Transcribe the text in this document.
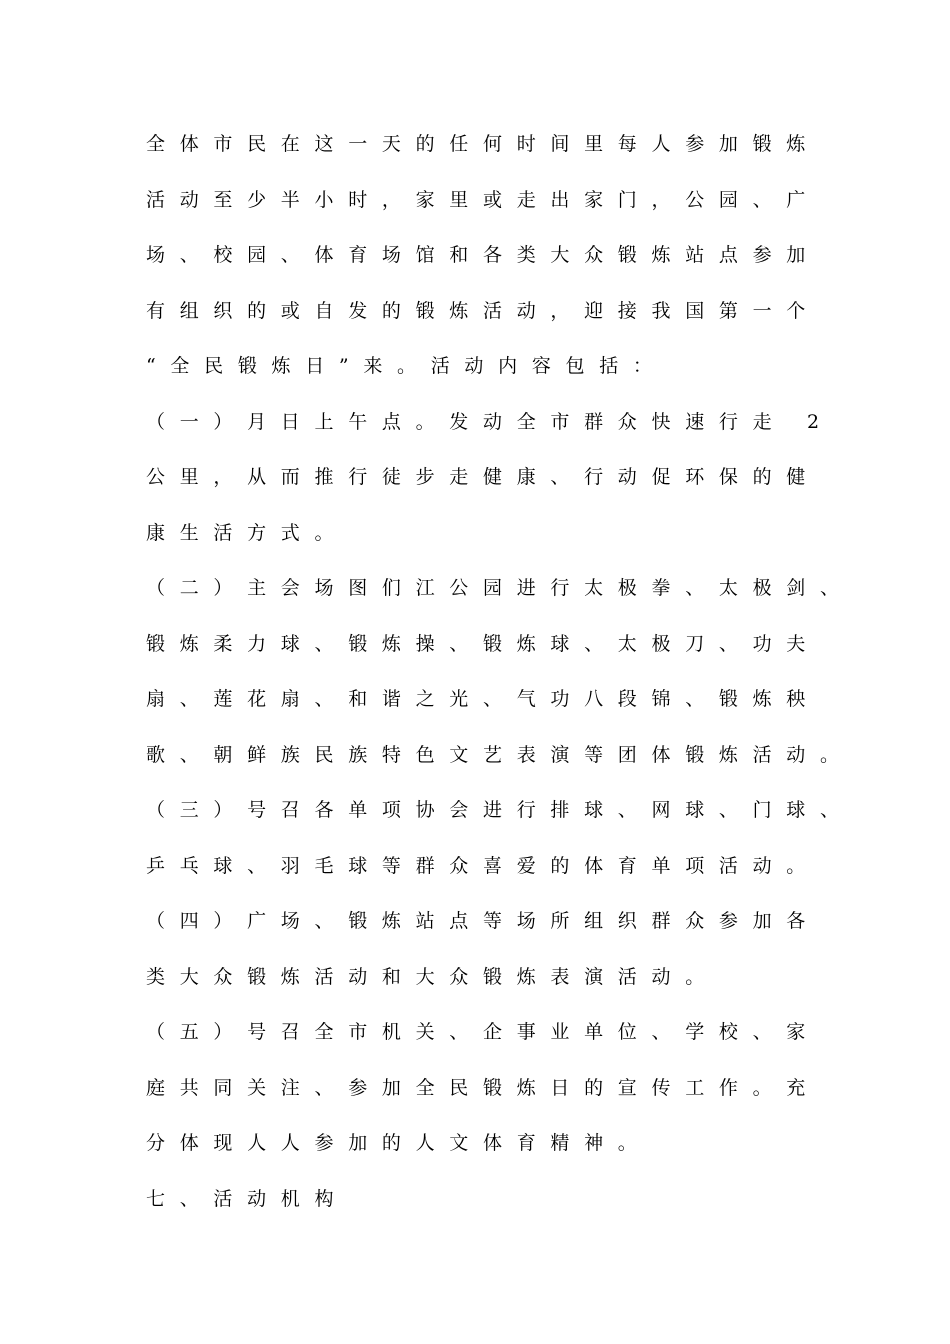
全体市民在这一天的任何时间里每人参加锻炼
活动至少半小时，家里或走出家门，公园、广
场、校园、体育场馆和各类大众锻炼站点参加
有组织的或自发的锻炼活动，迎接我国第一个
“全民锻炼日”来。活动内容包括：
（一）月日上午点。发动全市群众快速行走 2
公里，从而推行徒步走健康、行动促环保的健
康生活方式。
（二）主会场图们江公园进行太极拳、太极剑、
锻炼柔力球、锻炼操、锻炼球、太极刀、功夫
扇、莲花扇、和谐之光、气功八段锦、锻炼秧
歌、朝鲜族民族特色文艺表演等团体锻炼活动。
（三）号召各单项协会进行排球、网球、门球、
乒乓球、羽毛球等群众喜爱的体育单项活动。
（四）广场、锻炼站点等场所组织群众参加各
类大众锻炼活动和大众锻炼表演活动。
（五）号召全市机关、企事业单位、学校、家
庭共同关注、参加全民锻炼日的宣传工作。充
分体现人人参加的人文体育精神。
七、活动机构
